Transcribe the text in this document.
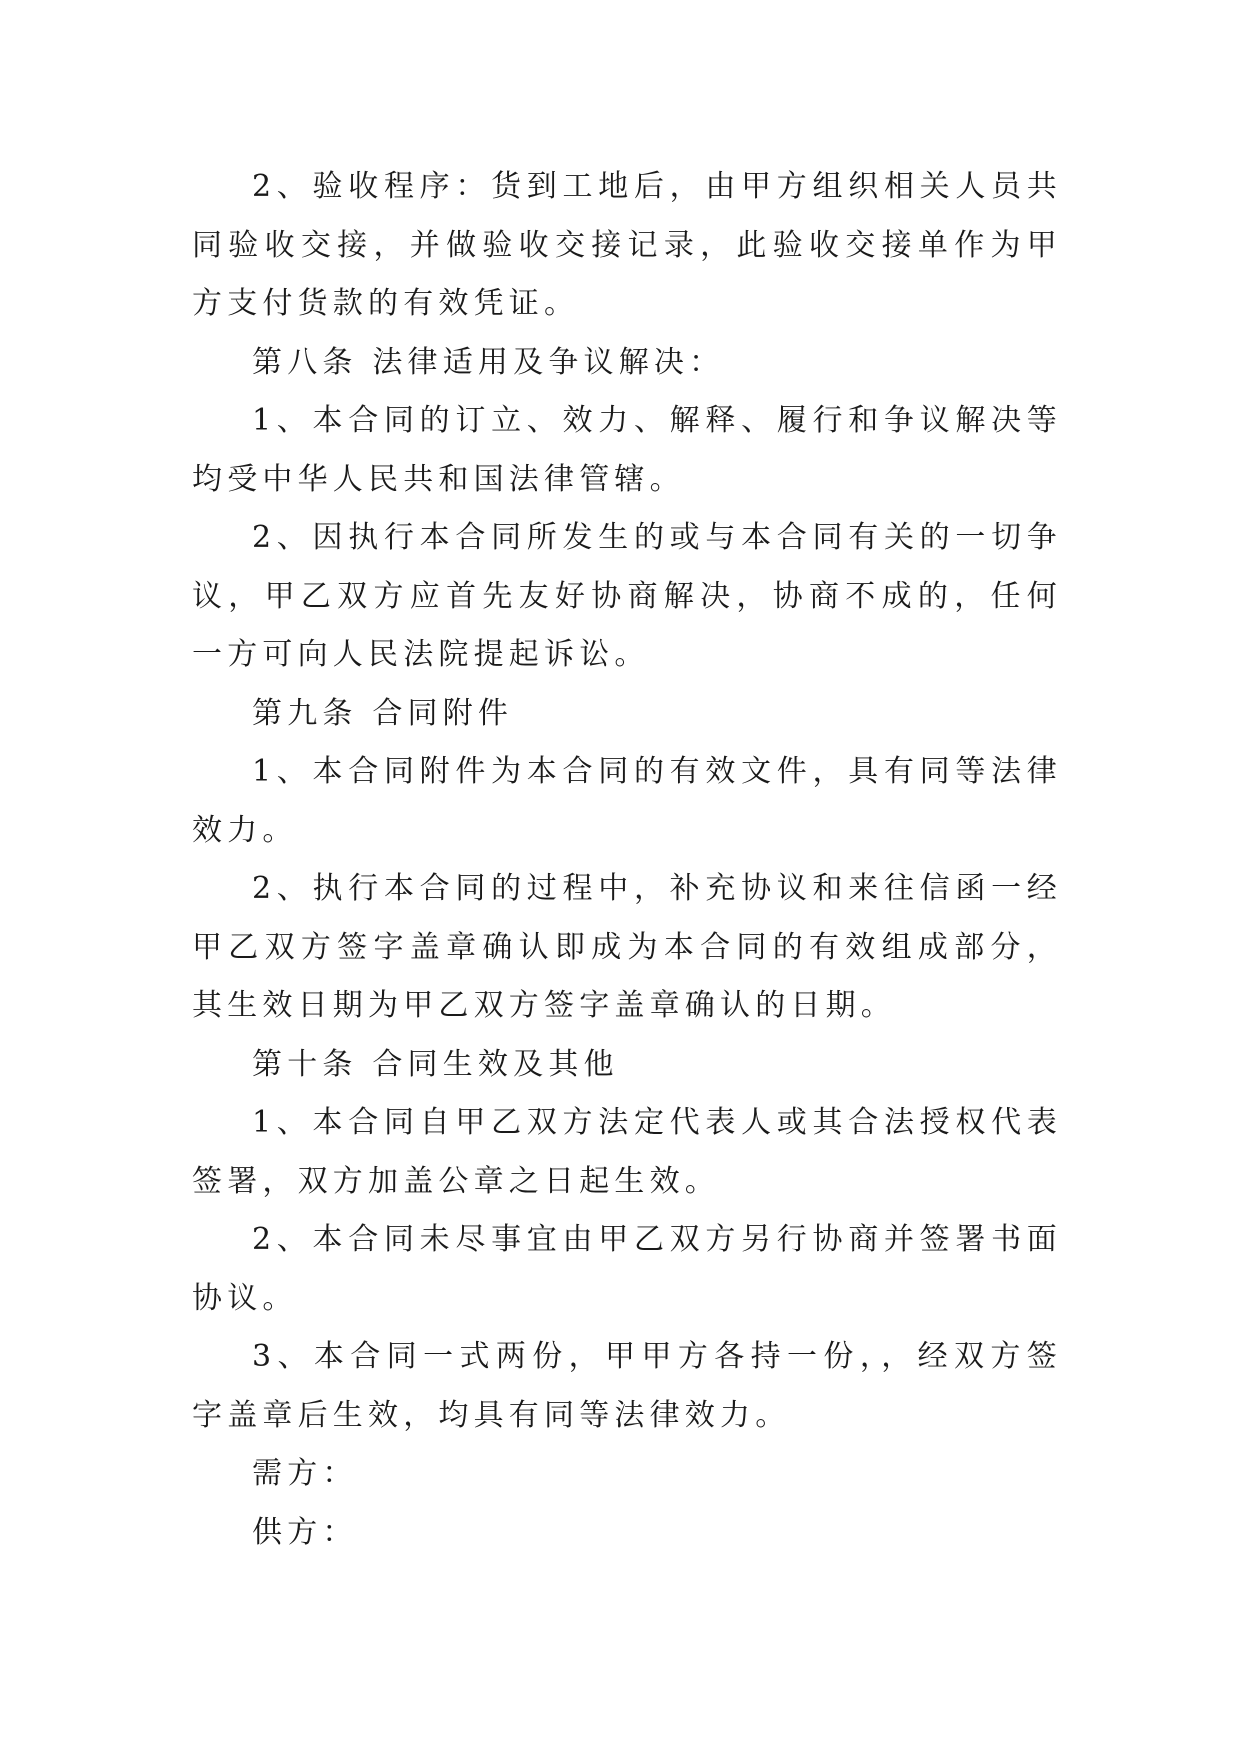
2、验收程序：货到工地后，由甲方组织相关人员共同验收交接，并做验收交接记录，此验收交接单作为甲方支付货款的有效凭证。

第八条 法律适用及争议解决：

1、本合同的订立、效力、解释、履行和争议解决等均受中华人民共和国法律管辖。

2、因执行本合同所发生的或与本合同有关的一切争议，甲乙双方应首先友好协商解决，协商不成的，任何一方可向人民法院提起诉讼。

第九条 合同附件

1、本合同附件为本合同的有效文件，具有同等法律效力。

2、执行本合同的过程中，补充协议和来往信函一经甲乙双方签字盖章确认即成为本合同的有效组成部分，其生效日期为甲乙双方签字盖章确认的日期。

第十条 合同生效及其他

1、本合同自甲乙双方法定代表人或其合法授权代表签署，双方加盖公章之日起生效。

2、本合同未尽事宜由甲乙双方另行协商并签署书面协议。

3、本合同一式两份，甲甲方各持一份，，经双方签字盖章后生效，均具有同等法律效力。

需方：

供方：
